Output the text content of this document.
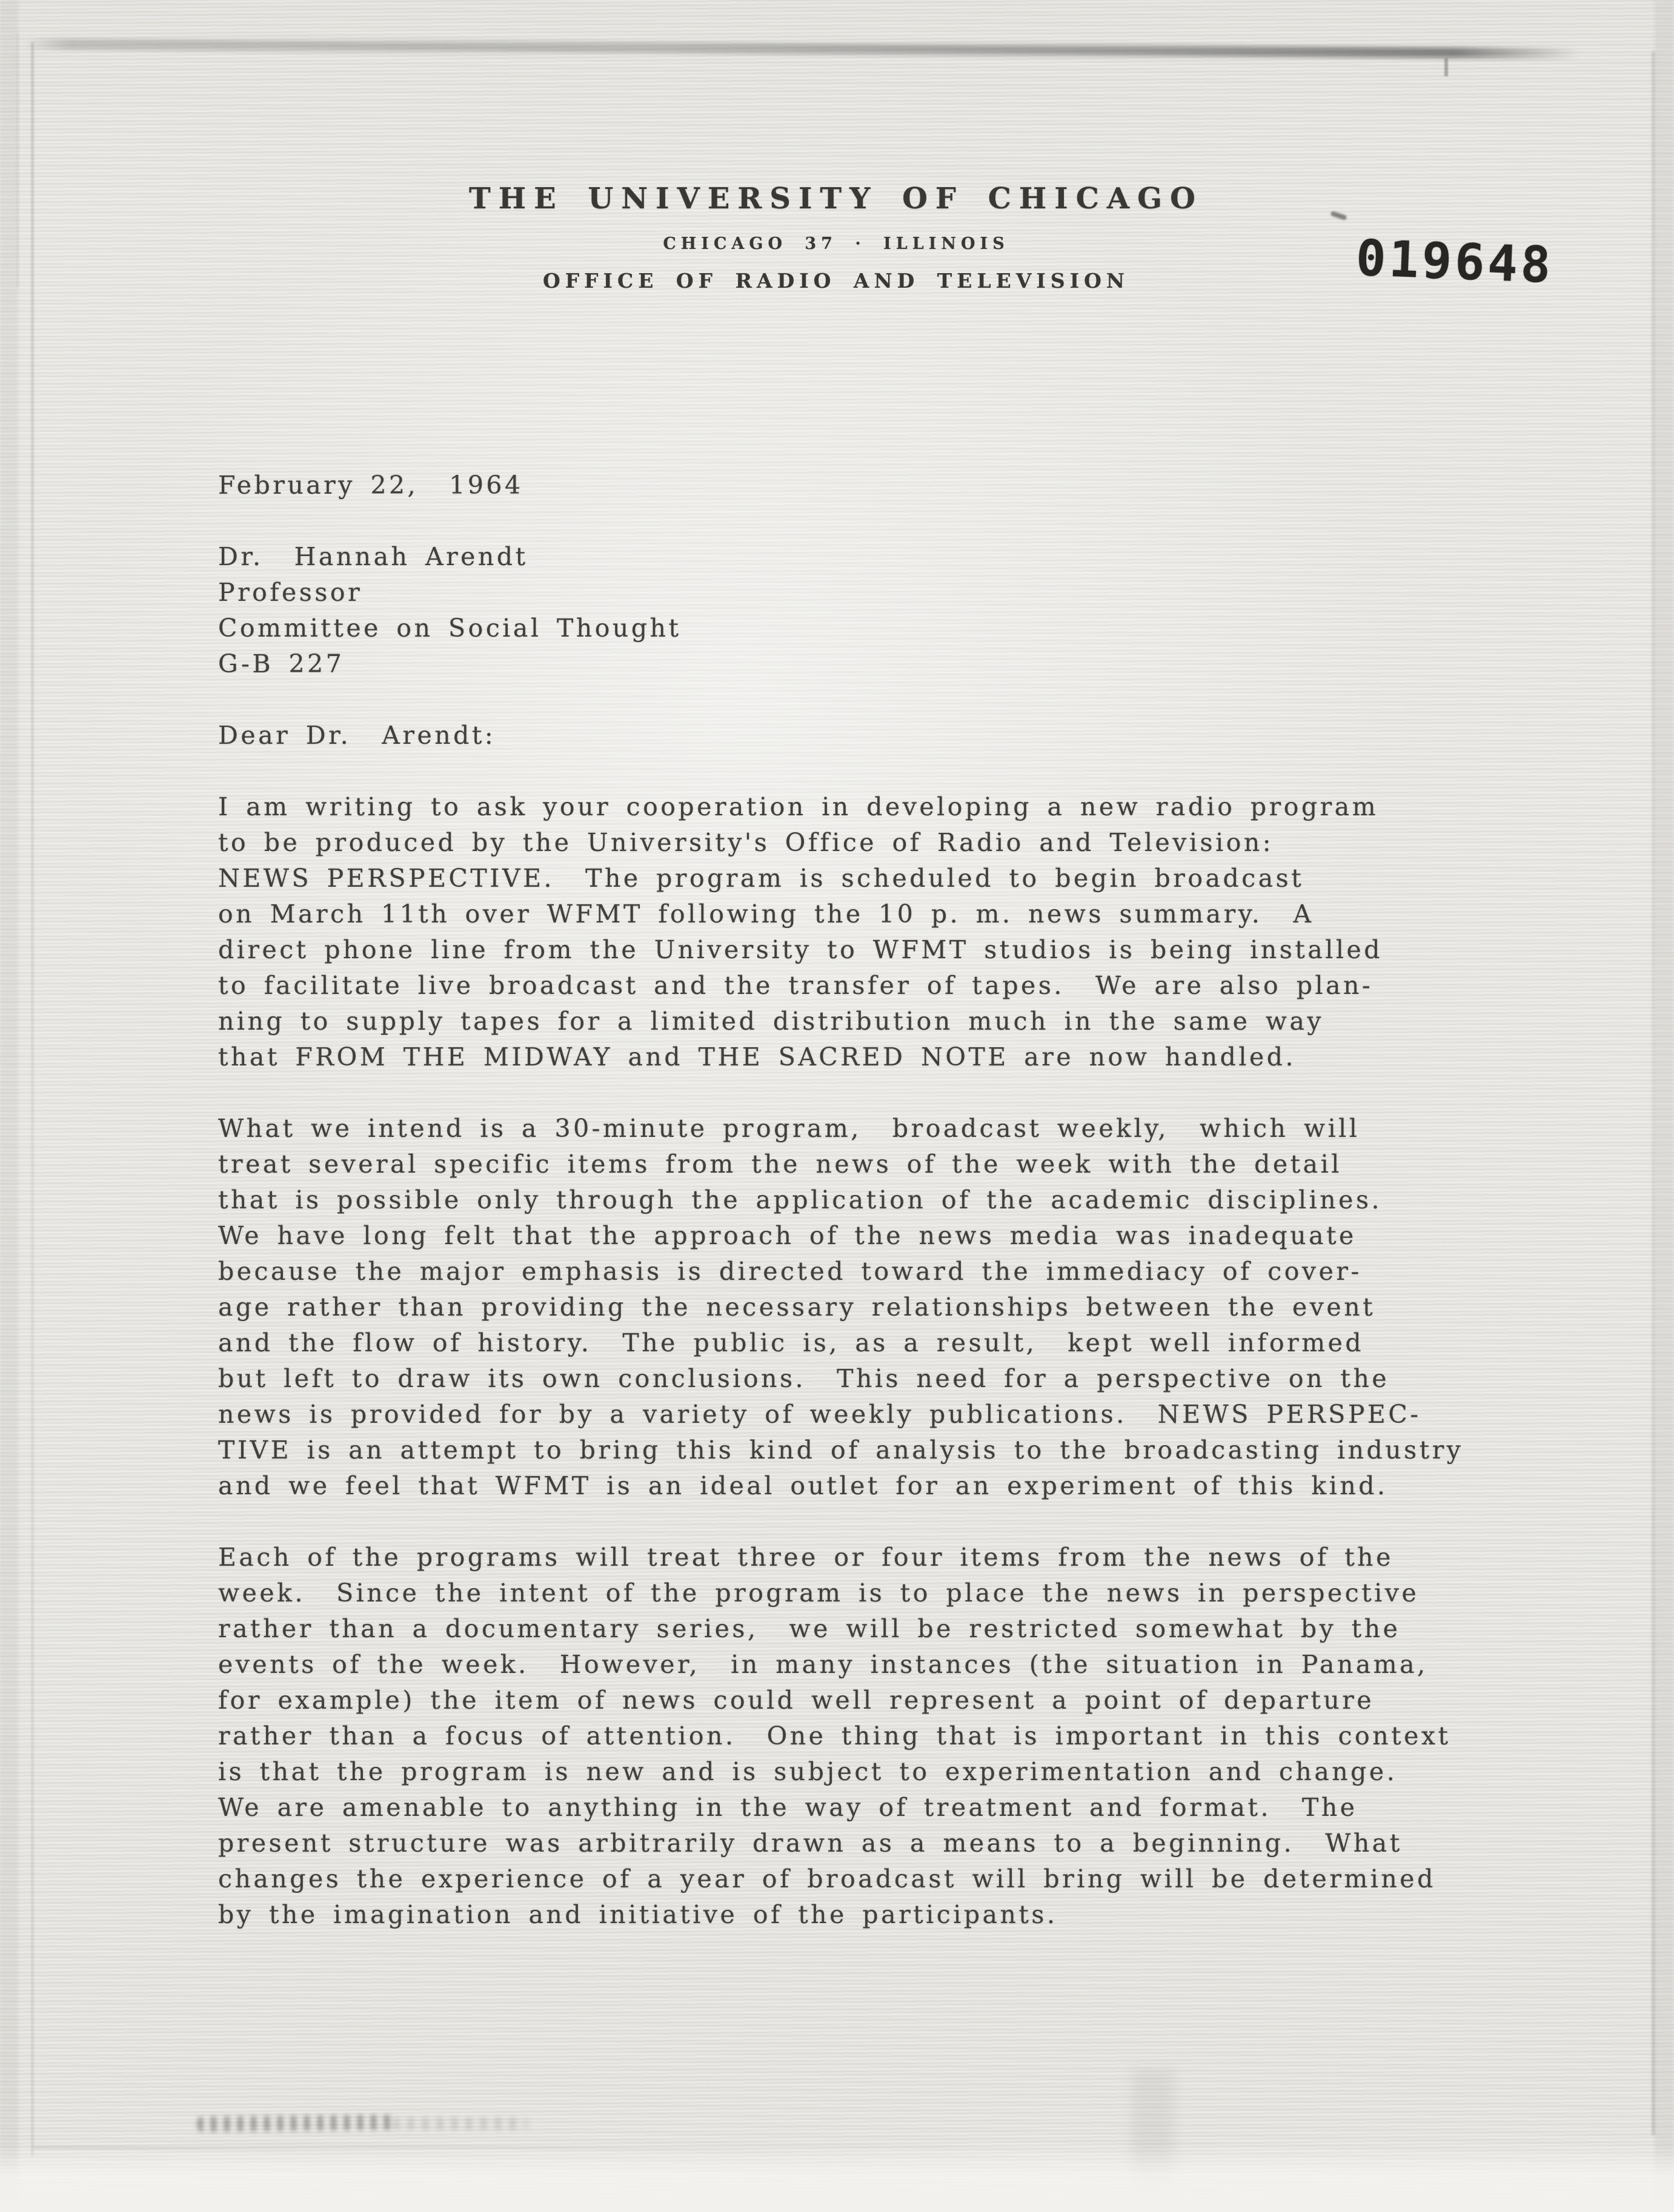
THE UNIVERSITY OF CHICAGO
CHICAGO 37 · ILLINOIS
OFFICE OF RADIO AND TELEVISION	019648
February 22,  1964
Dr.  Hannah Arendt
Professor
Committee on Social Thought
G-B 227
Dear Dr.  Arendt:
I am writing to ask your cooperation in developing a new radio program
to be produced by the University's Office of Radio and Television:
NEWS PERSPECTIVE.  The program is scheduled to begin broadcast
on March 11th over WFMT following the 10 p. m. news summary.  A
direct phone line from the University to WFMT studios is being installed
to facilitate live broadcast and the transfer of tapes.  We are also plan-
ning to supply tapes for a limited distribution much in the same way
that FROM THE MIDWAY and THE SACRED NOTE are now handled.
What we intend is a 30-minute program,  broadcast weekly,  which will
treat several specific items from the news of the week with the detail
that is possible only through the application of the academic disciplines.
We have long felt that the approach of the news media was inadequate
because the major emphasis is directed toward the immediacy of cover-
age rather than providing the necessary relationships between the event
and the flow of history.  The public is, as a result,  kept well informed
but left to draw its own conclusions.  This need for a perspective on the
news is provided for by a variety of weekly publications.  NEWS PERSPEC-
TIVE is an attempt to bring this kind of analysis to the broadcasting industry
and we feel that WFMT is an ideal outlet for an experiment of this kind.
Each of the programs will treat three or four items from the news of the
week.  Since the intent of the program is to place the news in perspective
rather than a documentary series,  we will be restricted somewhat by the
events of the week.  However,  in many instances (the situation in Panama,
for example) the item of news could well represent a point of departure
rather than a focus of attention.  One thing that is important in this context
is that the program is new and is subject to experimentation and change.
We are amenable to anything in the way of treatment and format.  The
present structure was arbitrarily drawn as a means to a beginning.  What
changes the experience of a year of broadcast will bring will be determined
by the imagination and initiative of the participants.
